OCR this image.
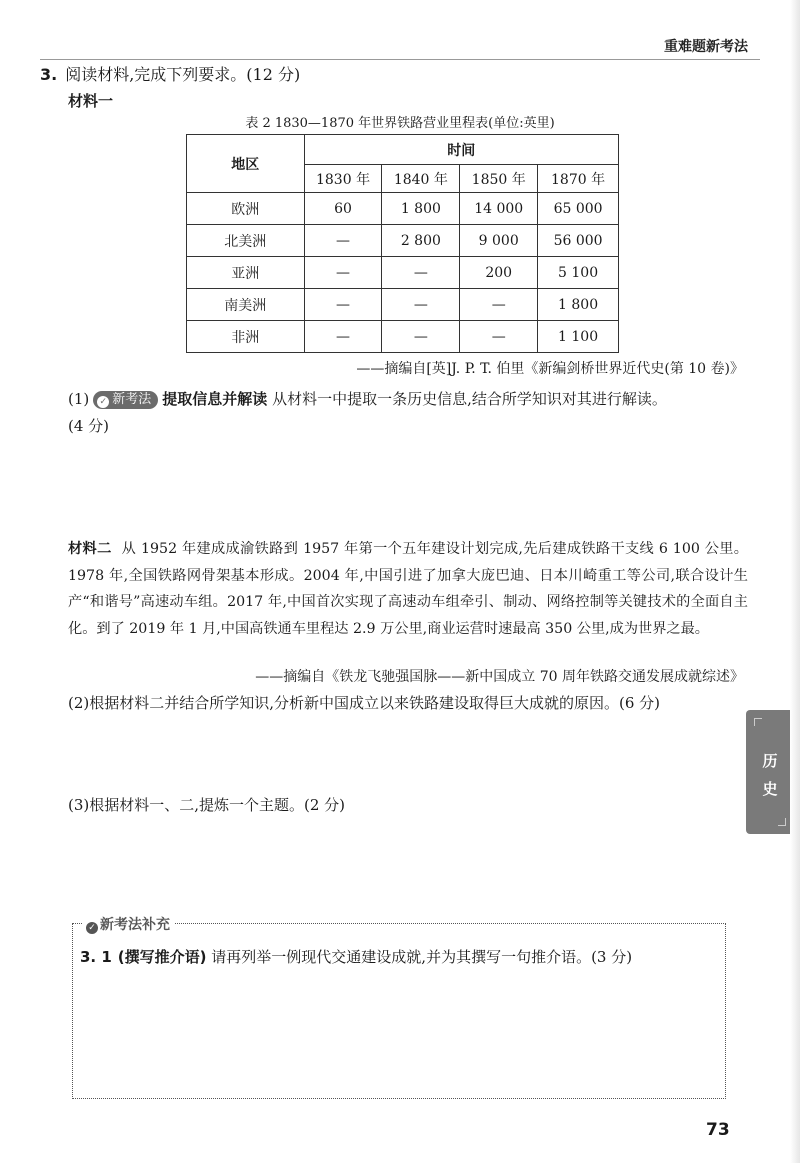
重难题新考法
3. 阅读材料,完成下列要求。(12 分)
材料一
表 2 1830—1870 年世界铁路营业里程表(单位:英里)
地区	时间			
	1830 年	1840 年	1850 年	1870 年
欧洲	60	1 800	14 000	65 000
北美洲	—	2 800	9 000	56 000
亚洲	—	—	200	5 100
南美洲	—	—	—	1 800
非洲	—	—	—	1 100
——摘编自[英]J. P. T. 伯里《新编剑桥世界近代史(第 10 卷)》
(1) ✓ 新考法 提取信息并解读 从材料一中提取一条历史信息,结合所学知识对其进行解读。
(4 分)
材料二 从 1952 年建成成渝铁路到 1957 年第一个五年建设计划完成,先后建成铁路干支线 6 100 公里。1978 年,全国铁路网骨架基本形成。2004 年,中国引进了加拿大庞巴迪、日本川崎重工等公司,联合设计生产“和谐号”高速动车组。2017 年,中国首次实现了高速动车组牵引、制动、网络控制等关键技术的全面自主化。到了 2019 年 1 月,中国高铁通车里程达 2.9 万公里,商业运营时速最高 350 公里,成为世界之最。
——摘编自《铁龙飞驰强国脉——新中国成立 70 周年铁路交通发展成就综述》
(2)根据材料二并结合所学知识,分析新中国成立以来铁路建设取得巨大成就的原因。(6 分)
(3)根据材料一、二,提炼一个主题。(2 分)
历
史
✓ 新考法补充
3. 1 (撰写推介语) 请再列举一例现代交通建设成就,并为其撰写一句推介语。(3 分)
73
